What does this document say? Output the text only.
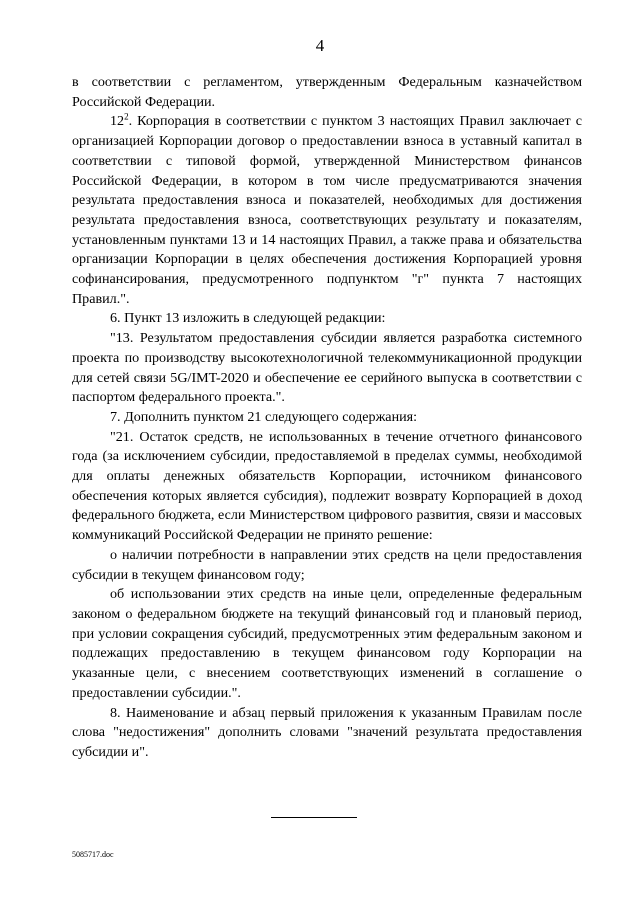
4

в соответствии с регламентом, утвержденным Федеральным казначейством Российской Федерации.

$12^2$. Корпорация в соответствии с пунктом 3 настоящих Правил заключает с организацией Корпорации договор о предоставлении взноса в уставный капитал в соответствии с типовой формой, утвержденной Министерством финансов Российской Федерации, в котором в том числе предусматриваются значения результата предоставления взноса и показателей, необходимых для достижения результата предоставления взноса, соответствующих результату и показателям, установленным пунктами 13 и 14 настоящих Правил, а также права и обязательства организации Корпорации в целях обеспечения достижения Корпорацией уровня софинансирования, предусмотренного подпунктом "г" пункта 7 настоящих Правил.".

6. Пункт 13 изложить в следующей редакции:

"13. Результатом предоставления субсидии является разработка системного проекта по производству высокотехнологичной телекоммуникационной продукции для сетей связи 5G/IMT-2020 и обеспечение ее серийного выпуска в соответствии с паспортом федерального проекта.".

7. Дополнить пунктом 21 следующего содержания:

"21. Остаток средств, не использованных в течение отчетного финансового года (за исключением субсидии, предоставляемой в пределах суммы, необходимой для оплаты денежных обязательств Корпорации, источником финансового обеспечения которых является субсидия), подлежит возврату Корпорацией в доход федерального бюджета, если Министерством цифрового развития, связи и массовых коммуникаций Российской Федерации не принято решение:

о наличии потребности в направлении этих средств на цели предоставления субсидии в текущем финансовом году;

об использовании этих средств на иные цели, определенные федеральным законом о федеральном бюджете на текущий финансовый год и плановый период, при условии сокращения субсидий, предусмотренных этим федеральным законом и подлежащих предоставлению в текущем финансовом году Корпорации на указанные цели, с внесением соответствующих изменений в соглашение о предоставлении субсидии.".

8. Наименование и абзац первый приложения к указанным Правилам после слова "недостижения" дополнить словами "значений результата предоставления субсидии и".

5085717.doc
